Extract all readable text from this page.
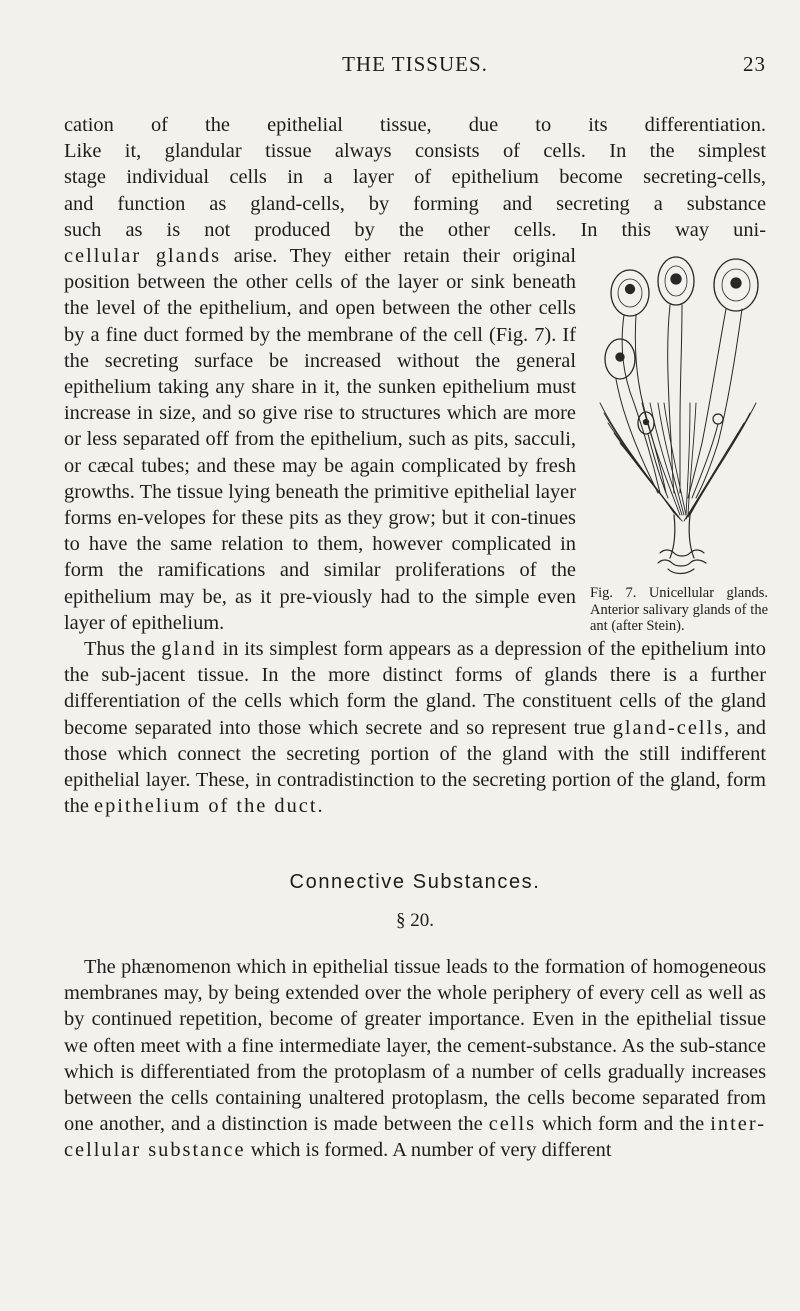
THE TISSUES.	23

cation of the epithelial tissue, due to its differentiation.
Like it, glandular tissue always consists of cells. In the simplest
stage individual cells in a layer of epithelium become secreting-cells,
and function as gland-cells, by forming and secreting a substance
such as is not produced by the other cells. In this way uni-

Fig. 7. Unicellular glands. Anterior salivary glands of the ant (after Stein).

cellular glands arise. They either retain their original position between the other cells of the layer or sink beneath the level of the epithelium, and open between the other cells by a fine duct formed by the membrane of the cell (Fig. 7). If the secreting surface be increased without the general epithelium taking any share in it, the sunken epithelium must increase in size, and so give rise to structures which are more or less separated off from the epithelium, such as pits, sacculi, or cæcal tubes; and these may be again complicated by fresh growths. The tissue lying beneath the primitive epithelial layer forms en-velopes for these pits as they grow; but it con-tinues to have the same relation to them, however complicated in form the ramifications and similar proliferations of the epithelium may be, as it pre-viously had to the simple even layer of epithelium.

Thus the gland in its simplest form appears as a depression of the epithelium into the sub-jacent tissue. In the more distinct forms of glands there is a further differentiation of the cells which form the gland. The constituent cells of the gland become separated into those which secrete and so represent true gland-cells, and those which connect the secreting portion of the gland with the still indifferent epithelial layer. These, in contradistinction to the secreting portion of the gland, form the epithelium of the duct.

Connective Substances.
§ 20.

The phænomenon which in epithelial tissue leads to the formation of homogeneous membranes may, by being extended over the whole periphery of every cell as well as by continued repetition, become of greater importance. Even in the epithelial tissue we often meet with a fine intermediate layer, the cement-substance. As the sub-stance which is differentiated from the protoplasm of a number of cells gradually increases between the cells containing unaltered protoplasm, the cells become separated from one another, and a distinction is made between the cells which form and the inter-cellular substance which is formed. A number of very different
